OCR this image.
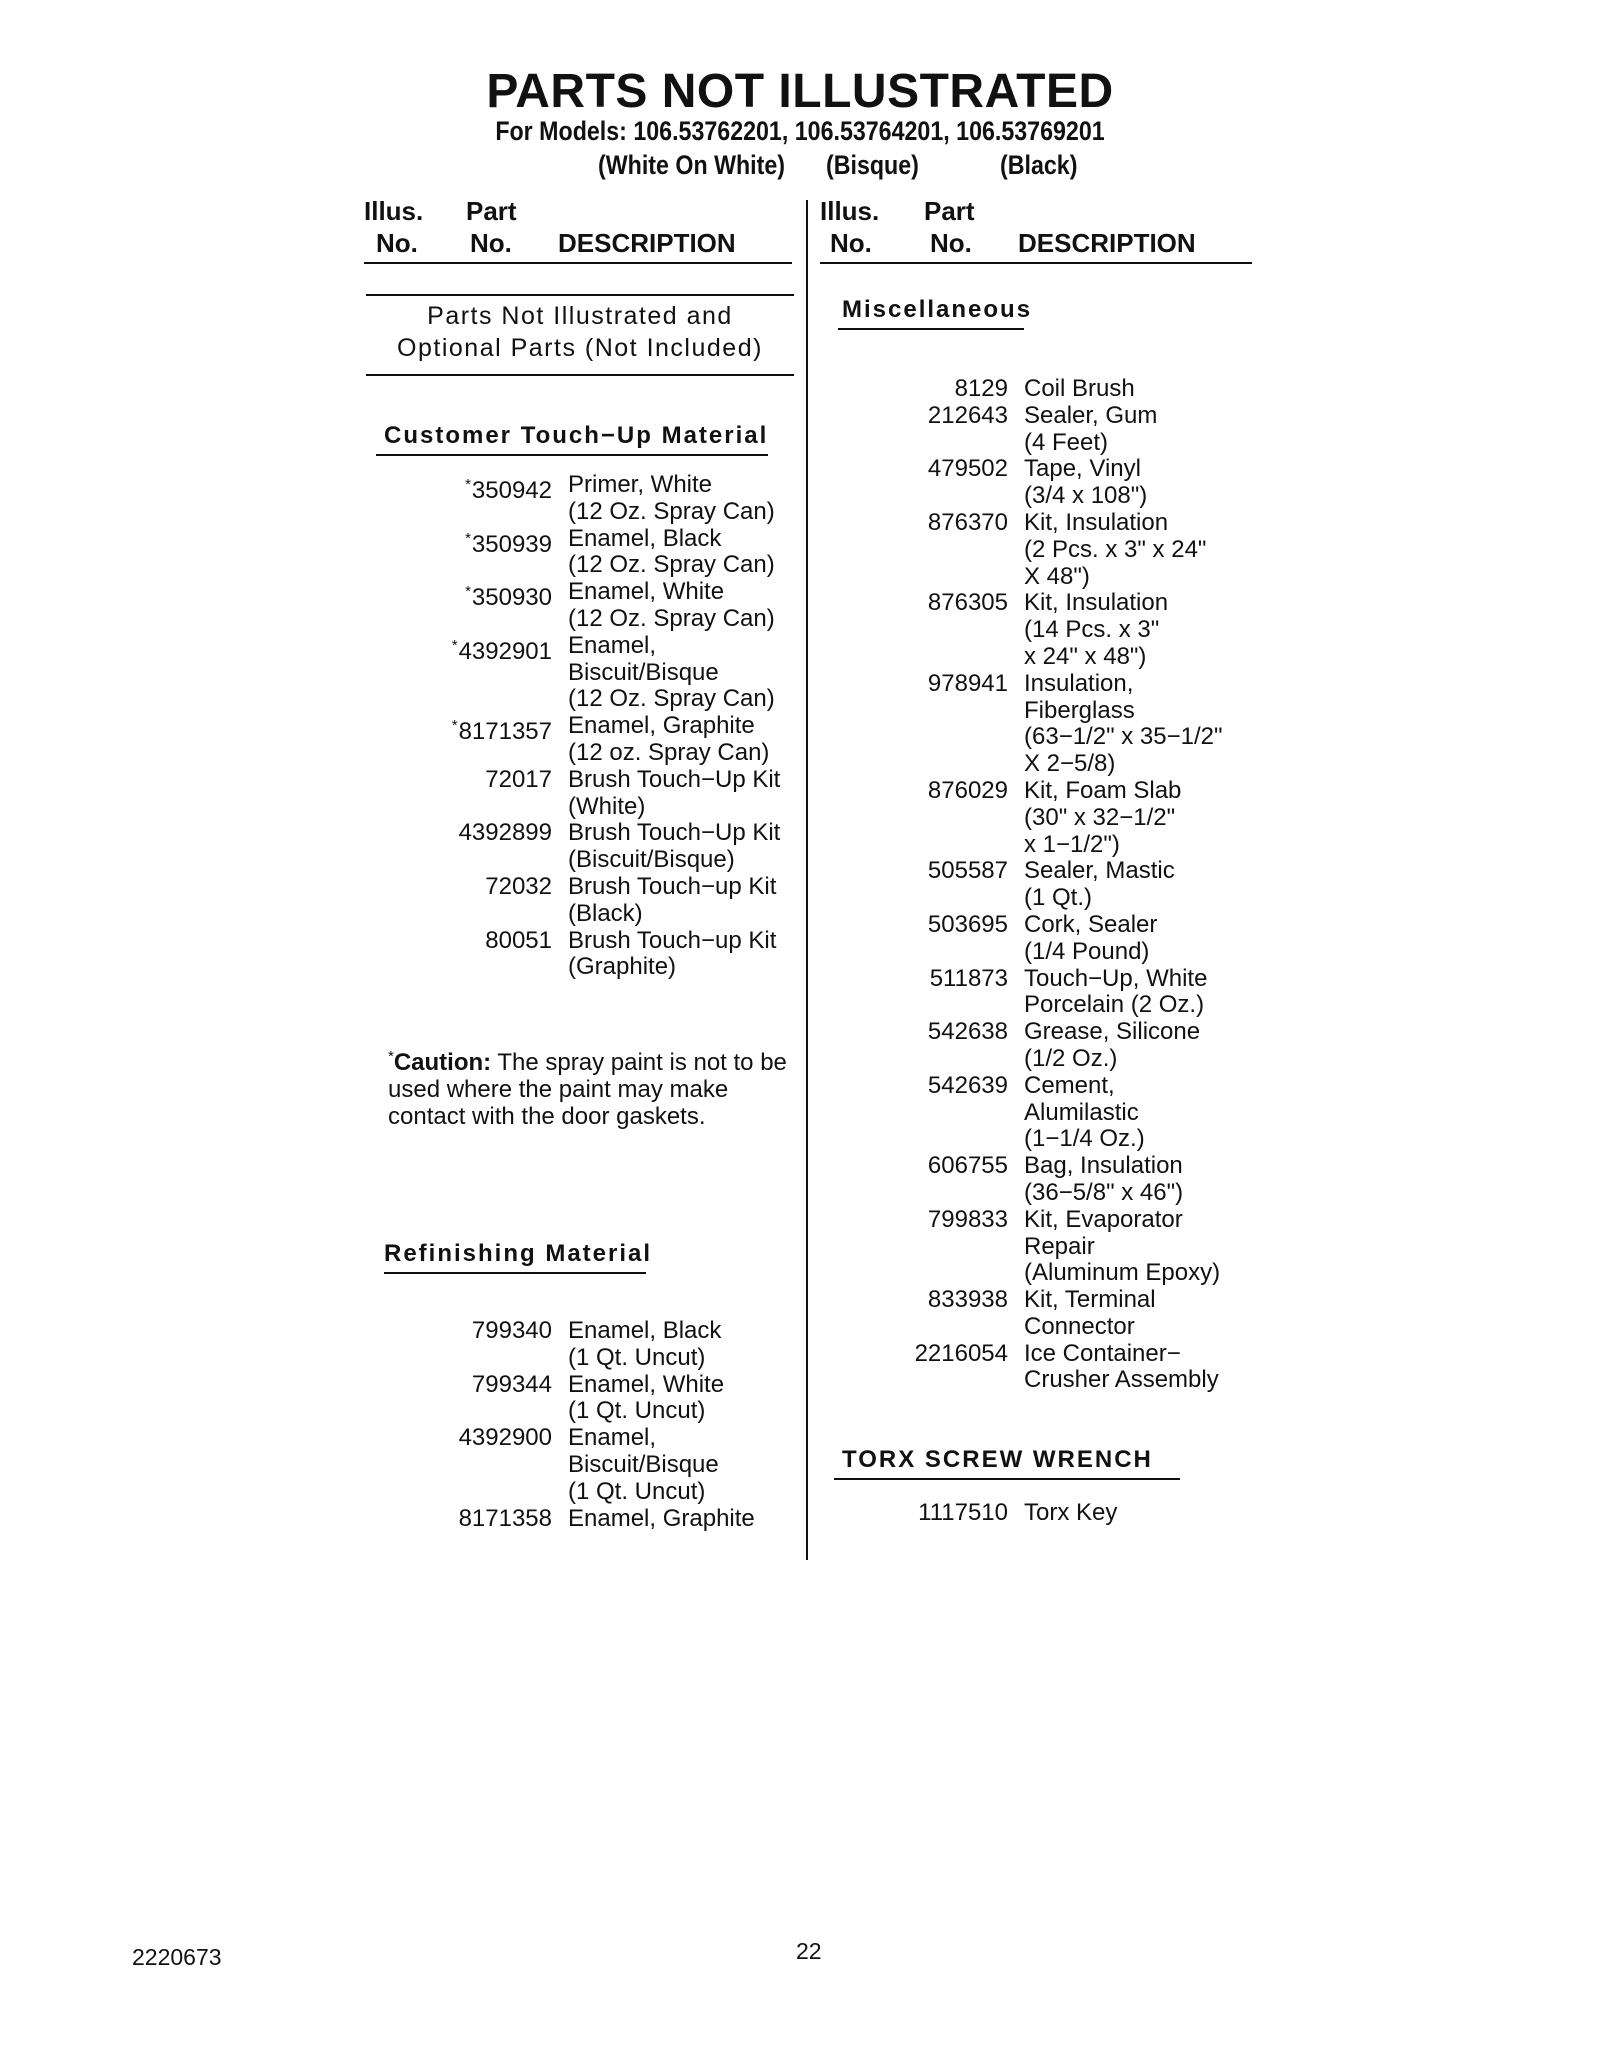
PARTS NOT ILLUSTRATED
For Models: 106.53762201, 106.53764201, 106.53769201
(White On White) (Bisque)	(Black)
Illus. Part
No. No. DESCRIPTION
Parts Not Illustrated and
Optional Parts (Not Included)
Customer Touch−Up Material
*350942 Primer, White
(12 Oz. Spray Can)
*350939 Enamel, Black
(12 Oz. Spray Can)
*350930 Enamel, White
(12 Oz. Spray Can)
*4392901 Enamel,
Biscuit/Bisque
(12 Oz. Spray Can)
*8171357 Enamel, Graphite
(12 oz. Spray Can)
72017 Brush Touch−Up Kit
(White)
4392899 Brush Touch−Up Kit
(Biscuit/Bisque)
72032 Brush Touch−up Kit
(Black)
80051 Brush Touch−up Kit
(Graphite)
*Caution: The spray paint is not to be used where the paint may make contact with the door gaskets.
Refinishing Material
799340 Enamel, Black
(1 Qt. Uncut)
799344 Enamel, White
(1 Qt. Uncut)
4392900 Enamel,
Biscuit/Bisque
(1 Qt. Uncut)
8171358 Enamel, Graphite
Illus. Part
No. No. DESCRIPTION
Miscellaneous
8129 Coil Brush
212643 Sealer, Gum
(4 Feet)
479502 Tape, Vinyl
(3/4 x 108")
876370 Kit, Insulation
(2 Pcs. x 3" x 24"
X 48")
876305 Kit, Insulation
(14 Pcs. x 3"
x 24" x 48")
978941 Insulation,
Fiberglass
(63−1/2" x 35−1/2"
X 2−5/8)
876029 Kit, Foam Slab
(30" x 32−1/2"
x 1−1/2")
505587 Sealer, Mastic
(1 Qt.)
503695 Cork, Sealer
(1/4 Pound)
511873 Touch−Up, White
Porcelain (2 Oz.)
542638 Grease, Silicone
(1/2 Oz.)
542639 Cement,
Alumilastic
(1−1/4 Oz.)
606755 Bag, Insulation
(36−5/8" x 46")
799833 Kit, Evaporator
Repair
(Aluminum Epoxy)
833938 Kit, Terminal
Connector
2216054 Ice Container−
Crusher Assembly
TORX SCREW WRENCH
1117510 Torx Key
2220673	22
